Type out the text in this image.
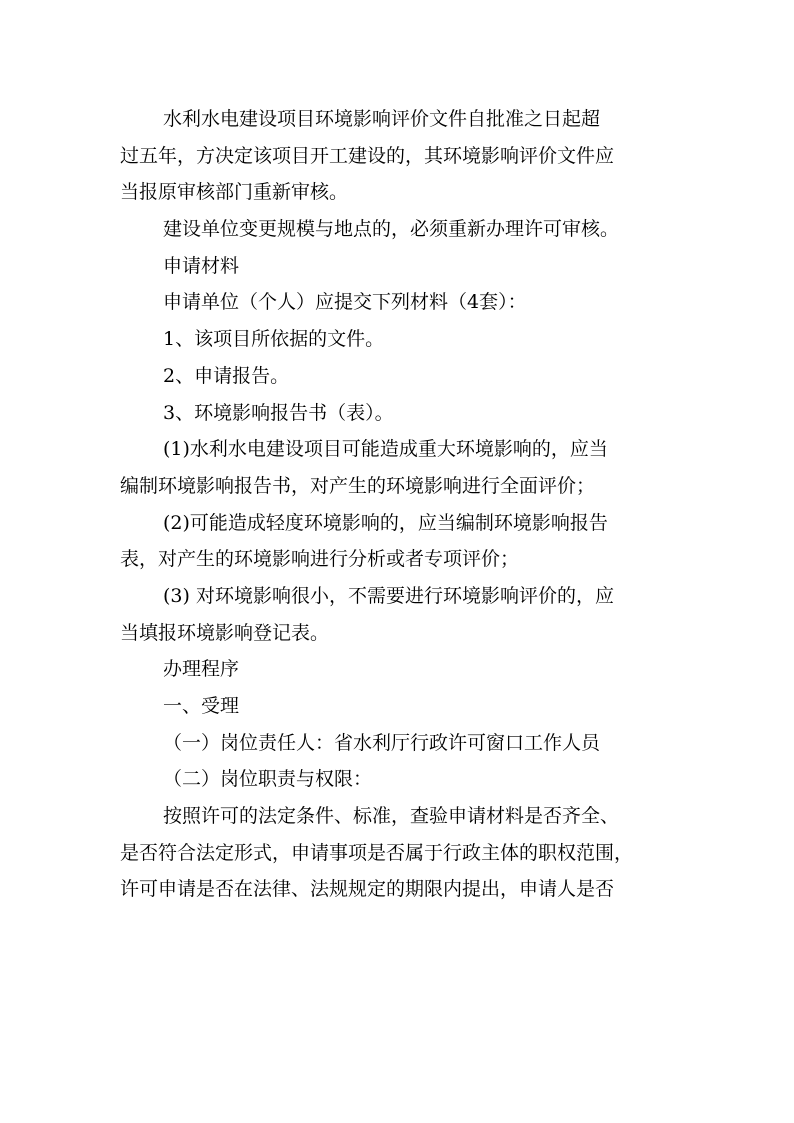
水利水电建设项目环境影响评价文件自批准之日起超
过五年，方决定该项目开工建设的，其环境影响评价文件应
当报原审核部门重新审核。
建设单位变更规模与地点的，必须重新办理许可审核。
申请材料
申请单位（个人）应提交下列材料（4套）：
1、该项目所依据的文件。
2、申请报告。
3、环境影响报告书（表）。
(1)水利水电建设项目可能造成重大环境影响的，应当
编制环境影响报告书，对产生的环境影响进行全面评价；
(2)可能造成轻度环境影响的，应当编制环境影响报告
表，对产生的环境影响进行分析或者专项评价；
(3) 对环境影响很小，不需要进行环境影响评价的，应
当填报环境影响登记表。
办理程序
一、受理
（一）岗位责任人：省水利厅行政许可窗口工作人员
（二）岗位职责与权限：
按照许可的法定条件、标准，查验申请材料是否齐全、
是否符合法定形式，申请事项是否属于行政主体的职权范围，
许可申请是否在法律、法规规定的期限内提出，申请人是否
